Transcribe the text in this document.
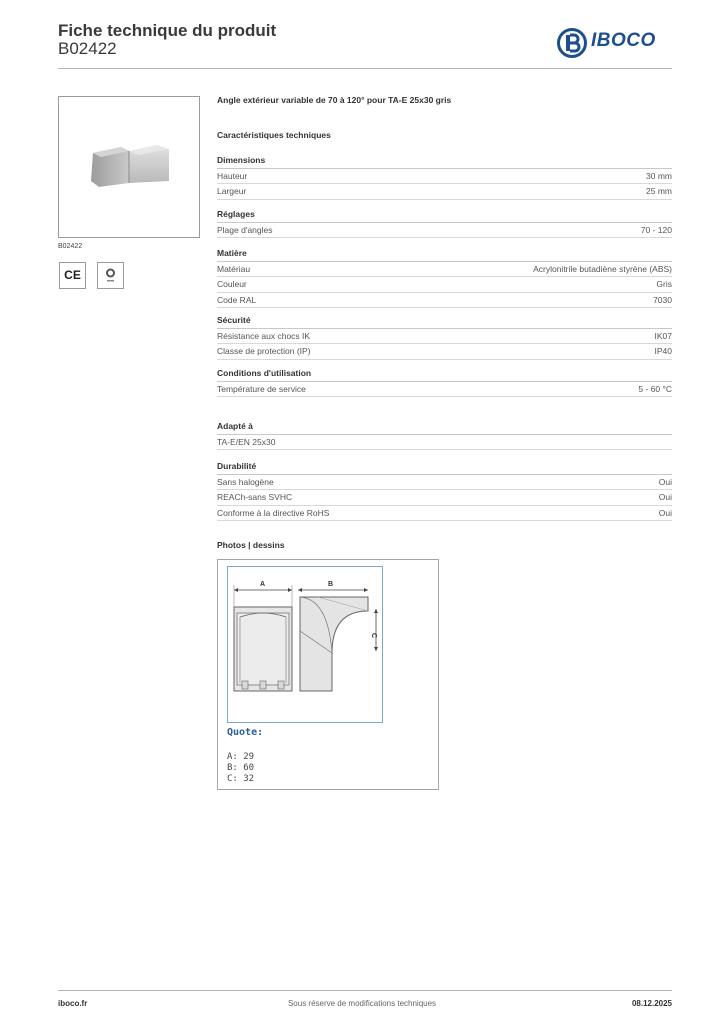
Fiche technique du produit
B02422	IBOCO
B02422
CE
Angle extérieur variable de 70 à 120° pour TA-E 25x30 gris
Caractéristiques techniques
Dimensions
Hauteur	30 mm
Largeur	25 mm
Réglages
Plage d'angles	70 - 120
Matière
Matériau	Acrylonitrile butadiène styrène (ABS)
Couleur	Gris
Code RAL	7030
Sécurité
Résistance aux chocs IK	IK07
Classe de protection (IP)	IP40
Conditions d'utilisation
Température de service	5 - 60 °C
Adapté à
TA-E/EN 25x30
Durabilité
Sans halogène	Oui
REACh-sans SVHC	Oui
Conforme à la directive RoHS	Oui
Photos | dessins
A	B
C
Quote:
A: 29
B: 60
C: 32
iboco.fr	Sous réserve de modifications techniques	08.12.2025
